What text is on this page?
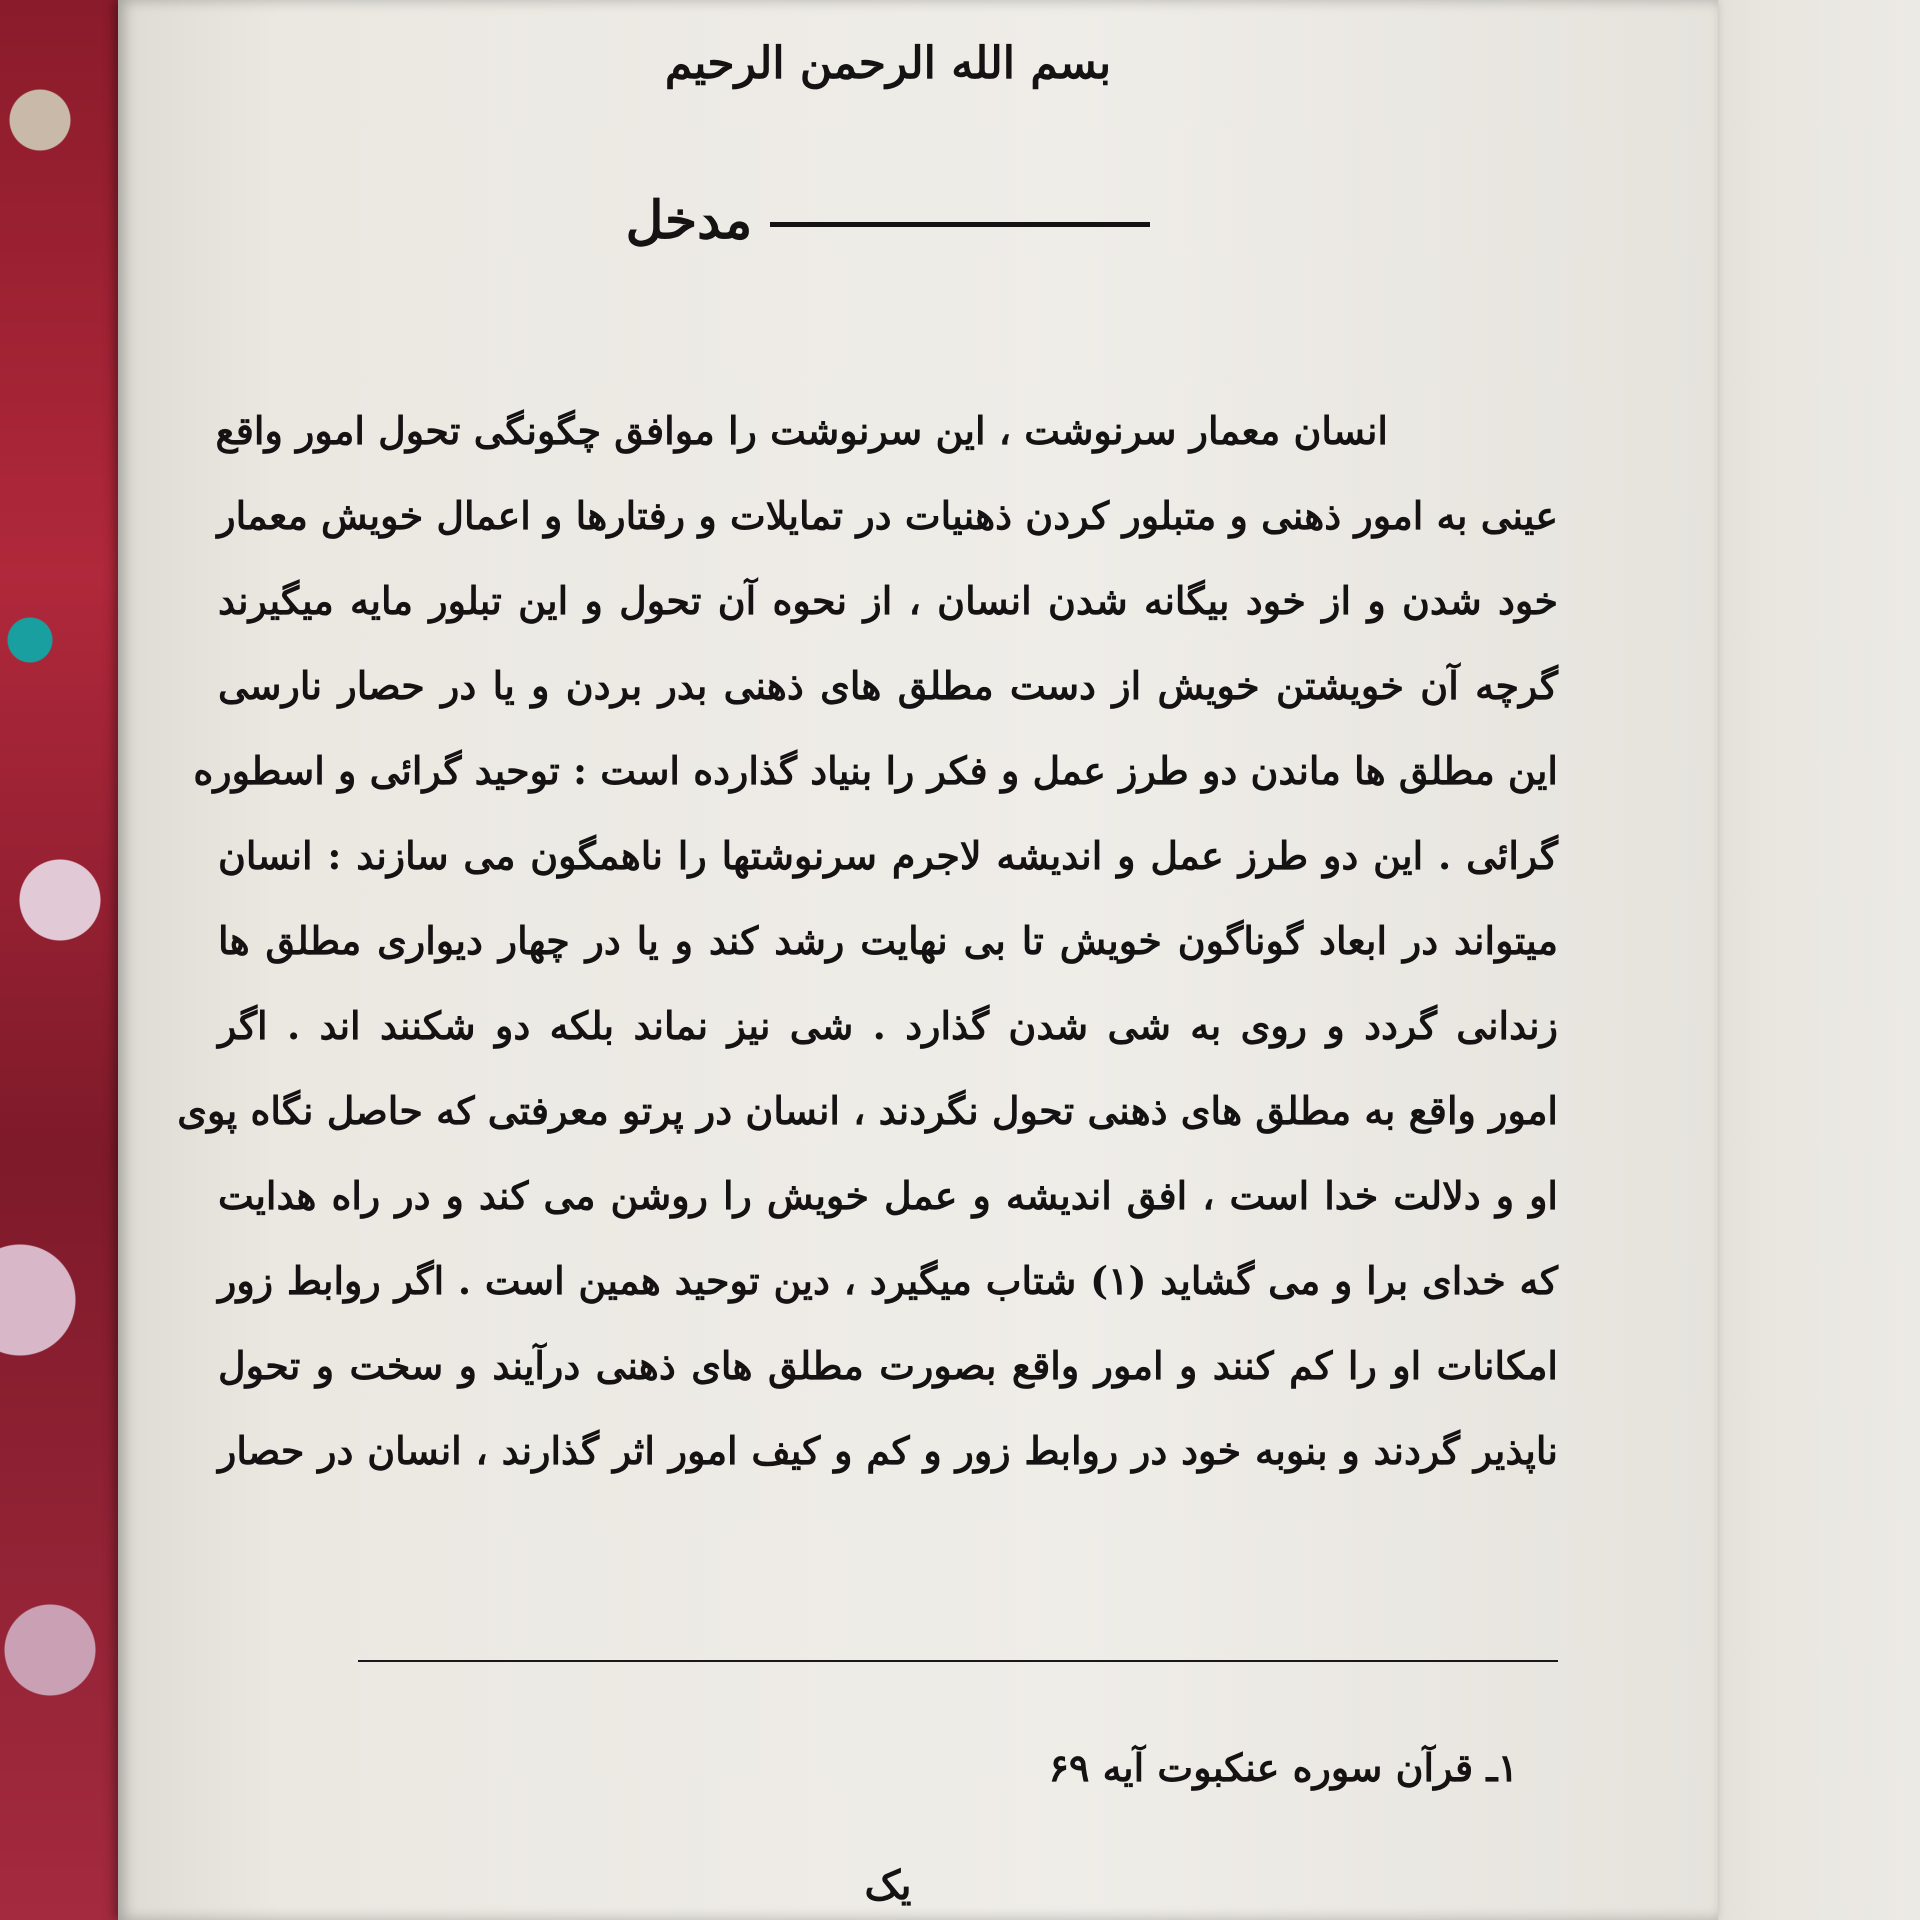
بسم الله الرحمن الرحیم
مدخل
انسان معمار سرنوشت ، این سرنوشت را موافق چگونگی تحول امور واقع
عینی به امور ذهنی و متبلور کردن ذهنیات در تمایلات و رفتارها و اعمال خویش معمار
خود شدن و از خود بیگانه شدن انسان ، از نحوه آن تحول و این تبلور مایه میگیرند
گرچه آن خویشتن خویش از دست مطلق های ذهنی بدر بردن و یا در حصار نارسی
این مطلق ها ماندن دو طرز عمل و فکر را بنیاد گذارده است : توحید گرائی و اسطوره
گرائی . این دو طرز عمل و اندیشه لاجرم سرنوشتها را ناهمگون می سازند : انسان
میتواند در ابعاد گوناگون خویش تا بی نهایت رشد کند و یا در چهار دیواری مطلق ها
زندانی گردد و روی به شی شدن گذارد . شی نیز نماند بلکه دو شکنند اند . اگر
امور واقع به مطلق های ذهنی تحول نگردند ، انسان در پرتو معرفتی که حاصل نگاه پوی
او و دلالت خدا است ، افق اندیشه و عمل خویش را روشن می کند و در راه هدایت
که خدای برا و می گشاید (۱) شتاب میگیرد ، دین توحید همین است . اگر روابط زور
امکانات او را کم کنند و امور واقع بصورت مطلق های ذهنی درآیند و سخت و تحول
ناپذیر گردند و بنوبه خود در روابط زور و کم و کیف امور اثر گذارند ، انسان در حصار
۱ـ قرآن سوره عنکبوت آیه ۶۹
یک
